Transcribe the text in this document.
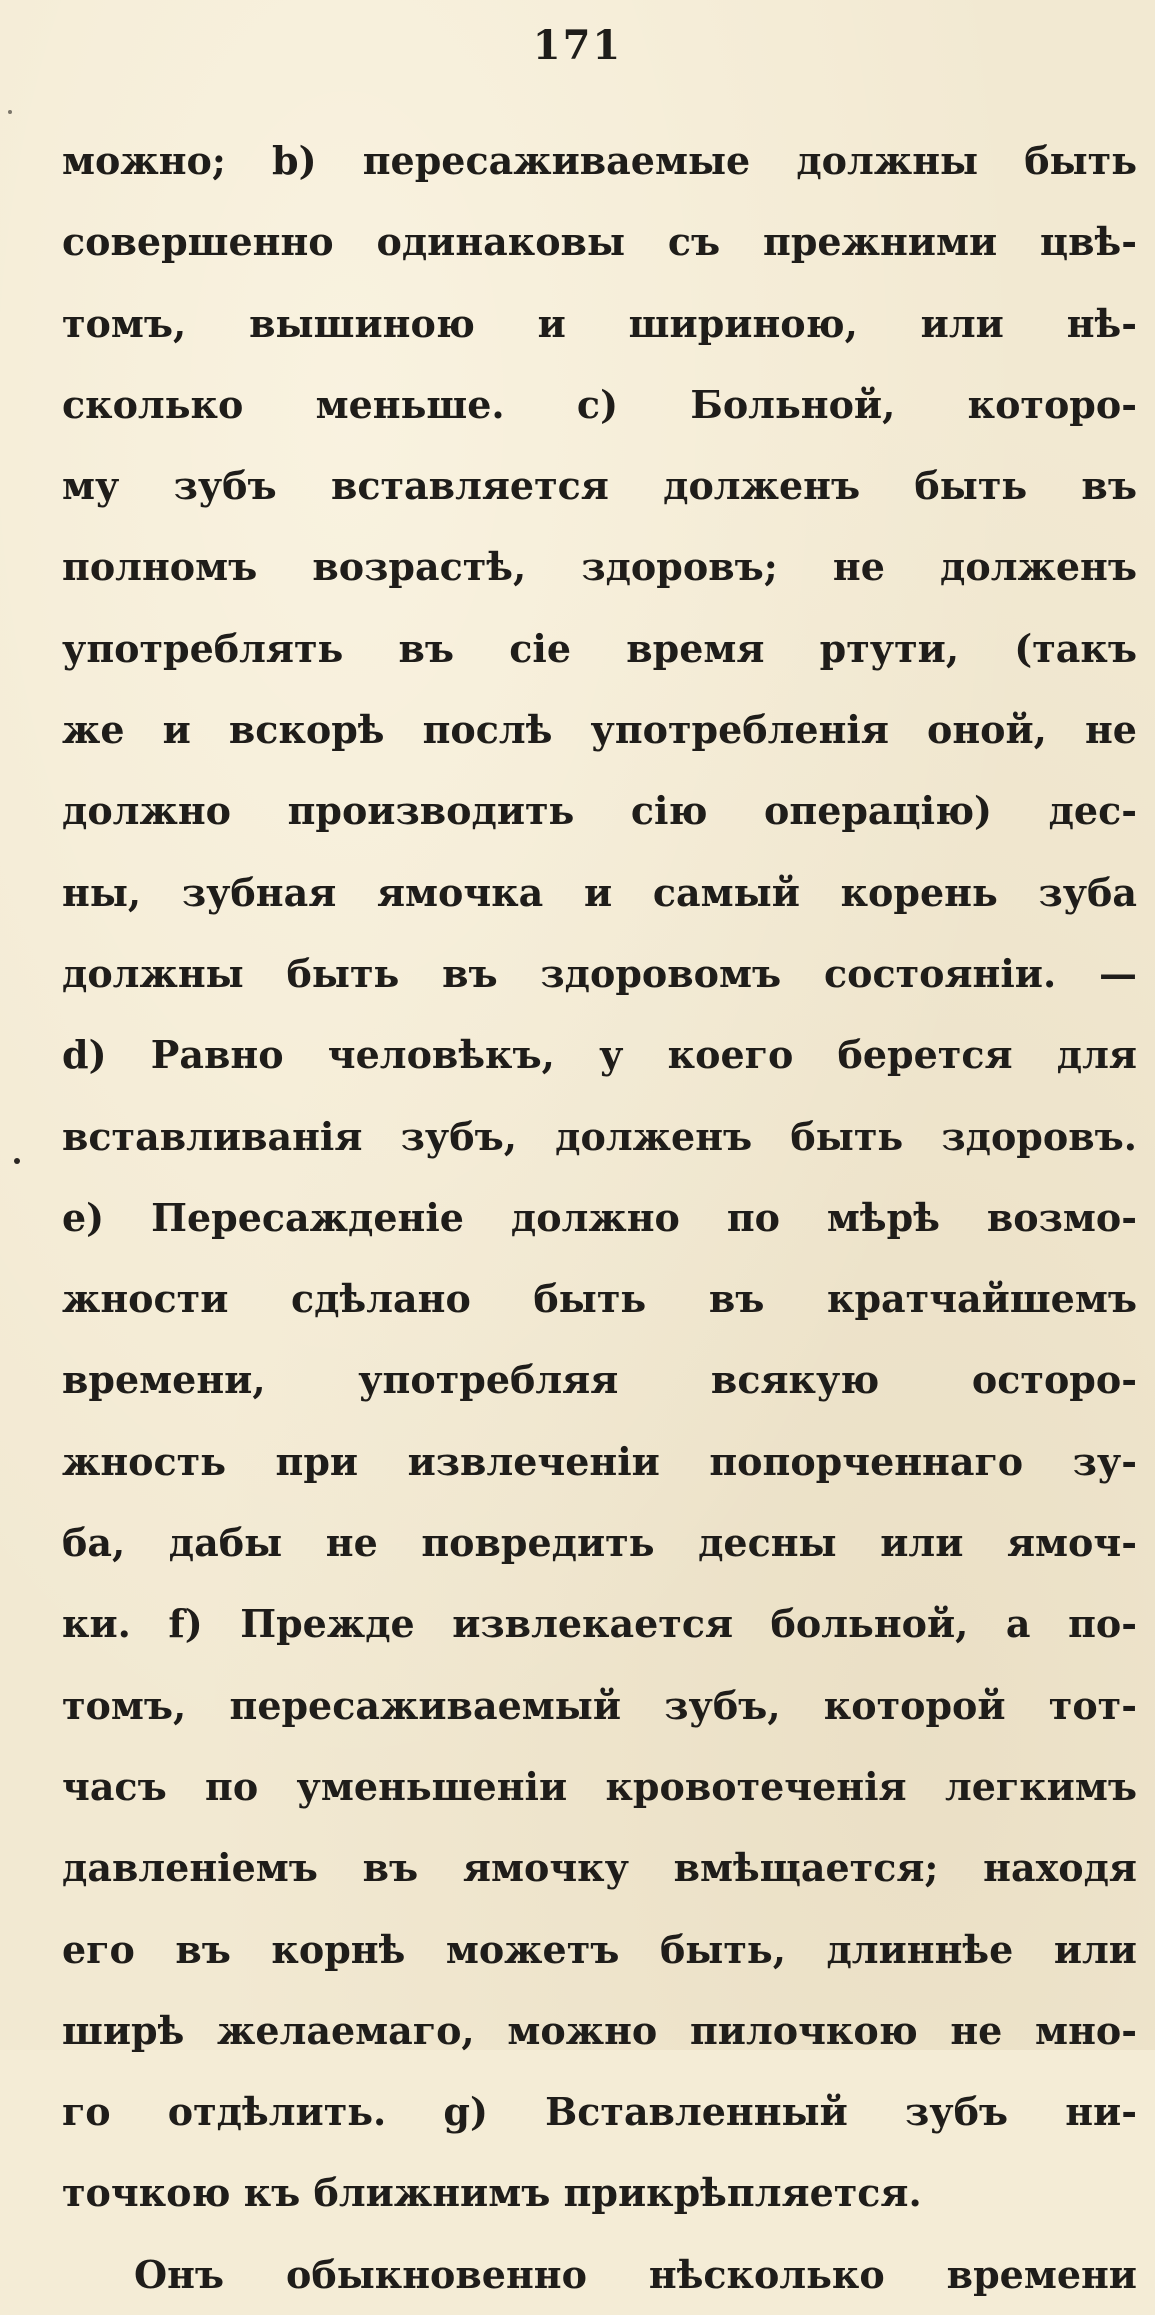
171
можно; b) пересаживаемые должны быть
совершенно одинаковы съ прежними цвѣ-
томъ, вышиною и шириною, или нѣ-
сколько меньше. c) Больной, которо-
му зубъ вставляется долженъ быть въ
полномъ возрастѣ, здоровъ; не долженъ
употреблять въ сіе время ртути, (такъ
же и вскорѣ послѣ употребленія оной, не
должно производить сію операцію) дес-
ны, зубная ямочка и самый корень зуба
должны быть въ здоровомъ состояніи. —
d) Равно человѣкъ, у коего берется для
вставливанія зубъ, долженъ быть здоровъ.
e) Пересажденіе должно по мѣрѣ возмо-
жности сдѣлано быть въ кратчайшемъ
времени, употребляя всякую осторо-
жность при извлеченіи попорченнаго зу-
ба, дабы не повредить десны или ямоч-
ки. f) Прежде извлекается больной, а по-
томъ, пересаживаемый зубъ, которой тот-
часъ по уменьшеніи кровотеченія легкимъ
давленіемъ въ ямочку вмѣщается; находя
его въ корнѣ можетъ быть, длиннѣе или
ширѣ желаемаго, можно пилочкою не мно-
го отдѣлить. g) Вставленный зубъ ни-
точкою къ ближнимъ прикрѣпляется.
Онъ обыкновенно нѣсколько времени
